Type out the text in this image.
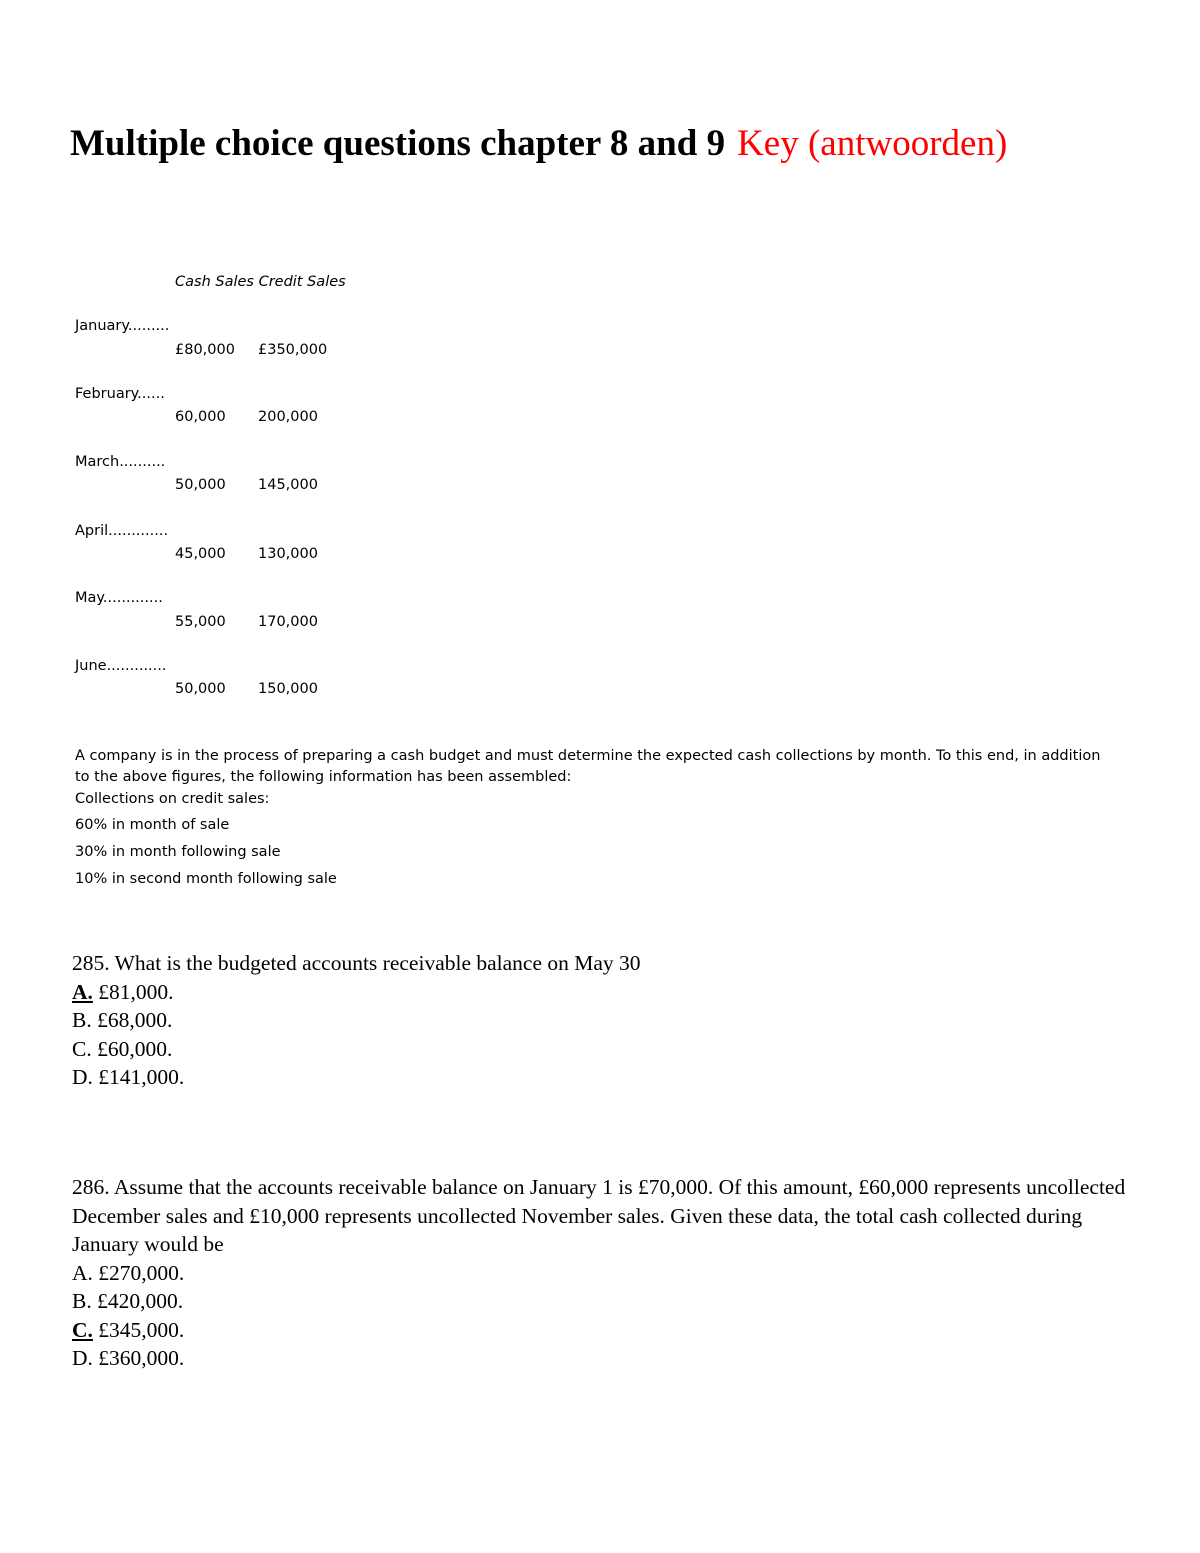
Multiple choice questions chapter 8 and 9 Key (antwoorden)
Cash Sales Credit Sales
January.........
£80,000 £350,000
February......
60,000 200,000
March..........
50,000 145,000
April.............
45,000 130,000
May.............
55,000 170,000
June.............
50,000 150,000
A company is in the process of preparing a cash budget and must determine the expected cash collections by month. To this end, in addition to the above figures, the following information has been assembled:
Collections on credit sales:
60% in month of sale
30% in month following sale
10% in second month following sale

285. What is the budgeted accounts receivable balance on May 30

A. £81,000.

B. £68,000.

C. £60,000.

D. £141,000.

286. Assume that the accounts receivable balance on January 1 is £70,000. Of this amount, £60,000 represents uncollected December sales and £10,000 represents uncollected November sales. Given these data, the total cash collected during January would be

A. £270,000.

B. £420,000.

C. £345,000.

D. £360,000.
